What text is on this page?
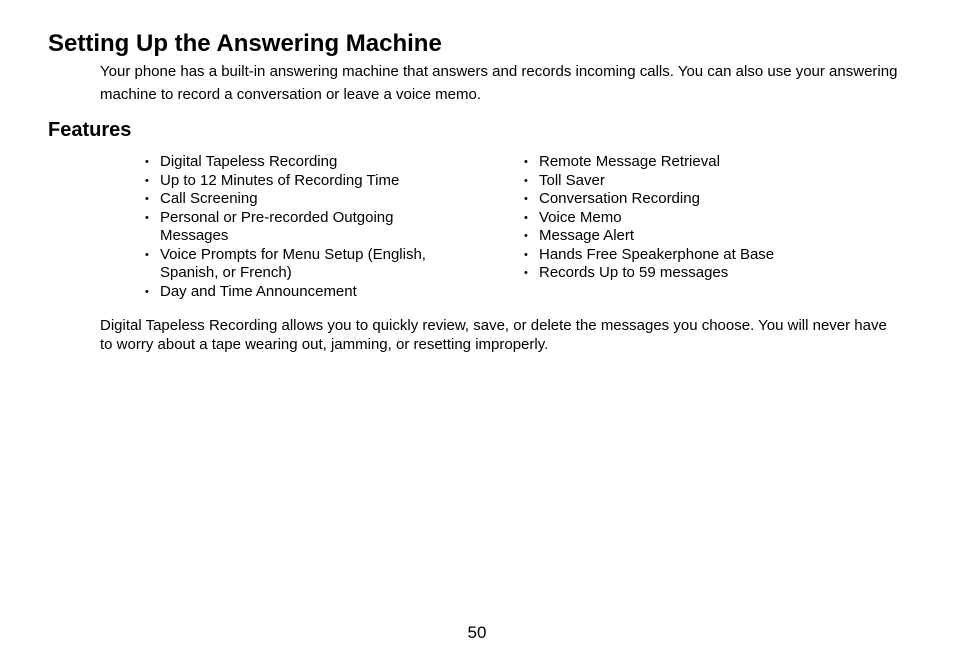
Setting Up the Answering Machine

Your phone has a built-in answering machine that answers and records incoming calls. You can also use your answering machine to record a conversation or leave a voice memo.

Features
• Digital Tapeless Recording
• Up to 12 Minutes of Recording Time
• Call Screening
• Personal or Pre-recorded Outgoing Messages
• Voice Prompts for Menu Setup (English, Spanish, or French)
• Day and Time Announcement
• Remote Message Retrieval
• Toll Saver
• Conversation Recording
• Voice Memo
• Message Alert
• Hands Free Speakerphone at Base
• Records Up to 59 messages

Digital Tapeless Recording allows you to quickly review, save, or delete the messages you choose. You will never have to worry about a tape wearing out, jamming, or resetting improperly.

50
